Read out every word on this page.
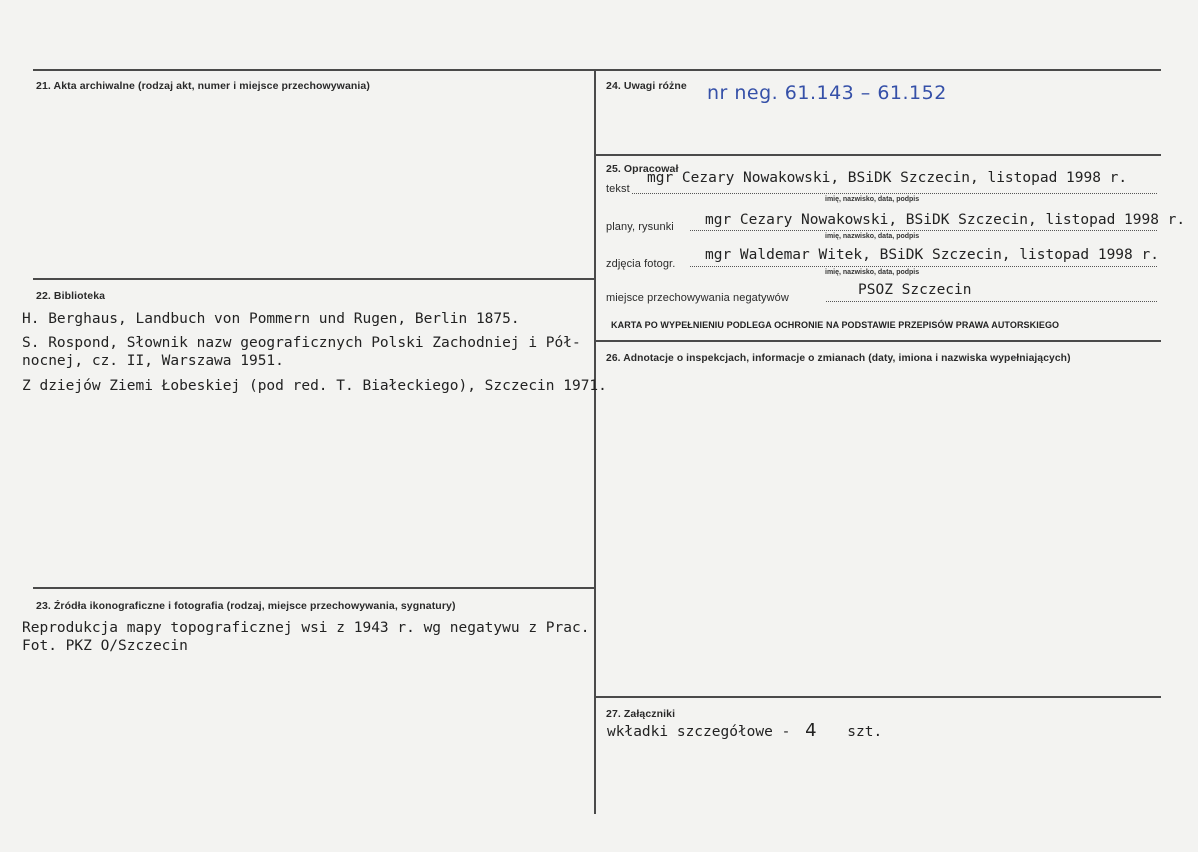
21. Akta archiwalne (rodzaj akt, numer i miejsce przechowywania)
22. Biblioteka
H. Berghaus, Landbuch von Pommern und Rugen, Berlin 1875.
S. Rospond, Słownik nazw geograficznych Polski Zachodniej i Pół-
nocnej, cz. II, Warszawa 1951.
Z dziejów Ziemi Łobeskiej (pod red. T. Białeckiego), Szczecin 1971.
23. Źródła ikonograficzne i fotografia (rodzaj, miejsce przechowywania, sygnatury)
Reprodukcja mapy topograficznej wsi z 1943 r. wg negatywu z Prac.
Fot. PKZ O/Szczecin
24. Uwagi różne nr neg. 61.143 – 61.152
25. Opracował
tekst
mgr Cezary Nowakowski, BSiDK Szczecin, listopad 1998 r.
imię, nazwisko, data, podpis
plany, rysunki mgr Cezary Nowakowski, BSiDK Szczecin, listopad 1998 r.
imię, nazwisko, data, podpis
zdjęcia fotogr.
mgr Waldemar Witek, BSiDK Szczecin, listopad 1998 r.
imię, nazwisko, data, podpis
miejsce przechowywania negatywów	PSOZ Szczecin
KARTA PO WYPEŁNIENIU PODLEGA OCHRONIE NA PODSTAWIE PRZEPISÓW PRAWA AUTORSKIEGO
26. Adnotacje o inspekcjach, informacje o zmianach (daty, imiona i nazwiska wypełniających)
27. Załączniki
wkładki szczegółowe - 4 szt.
